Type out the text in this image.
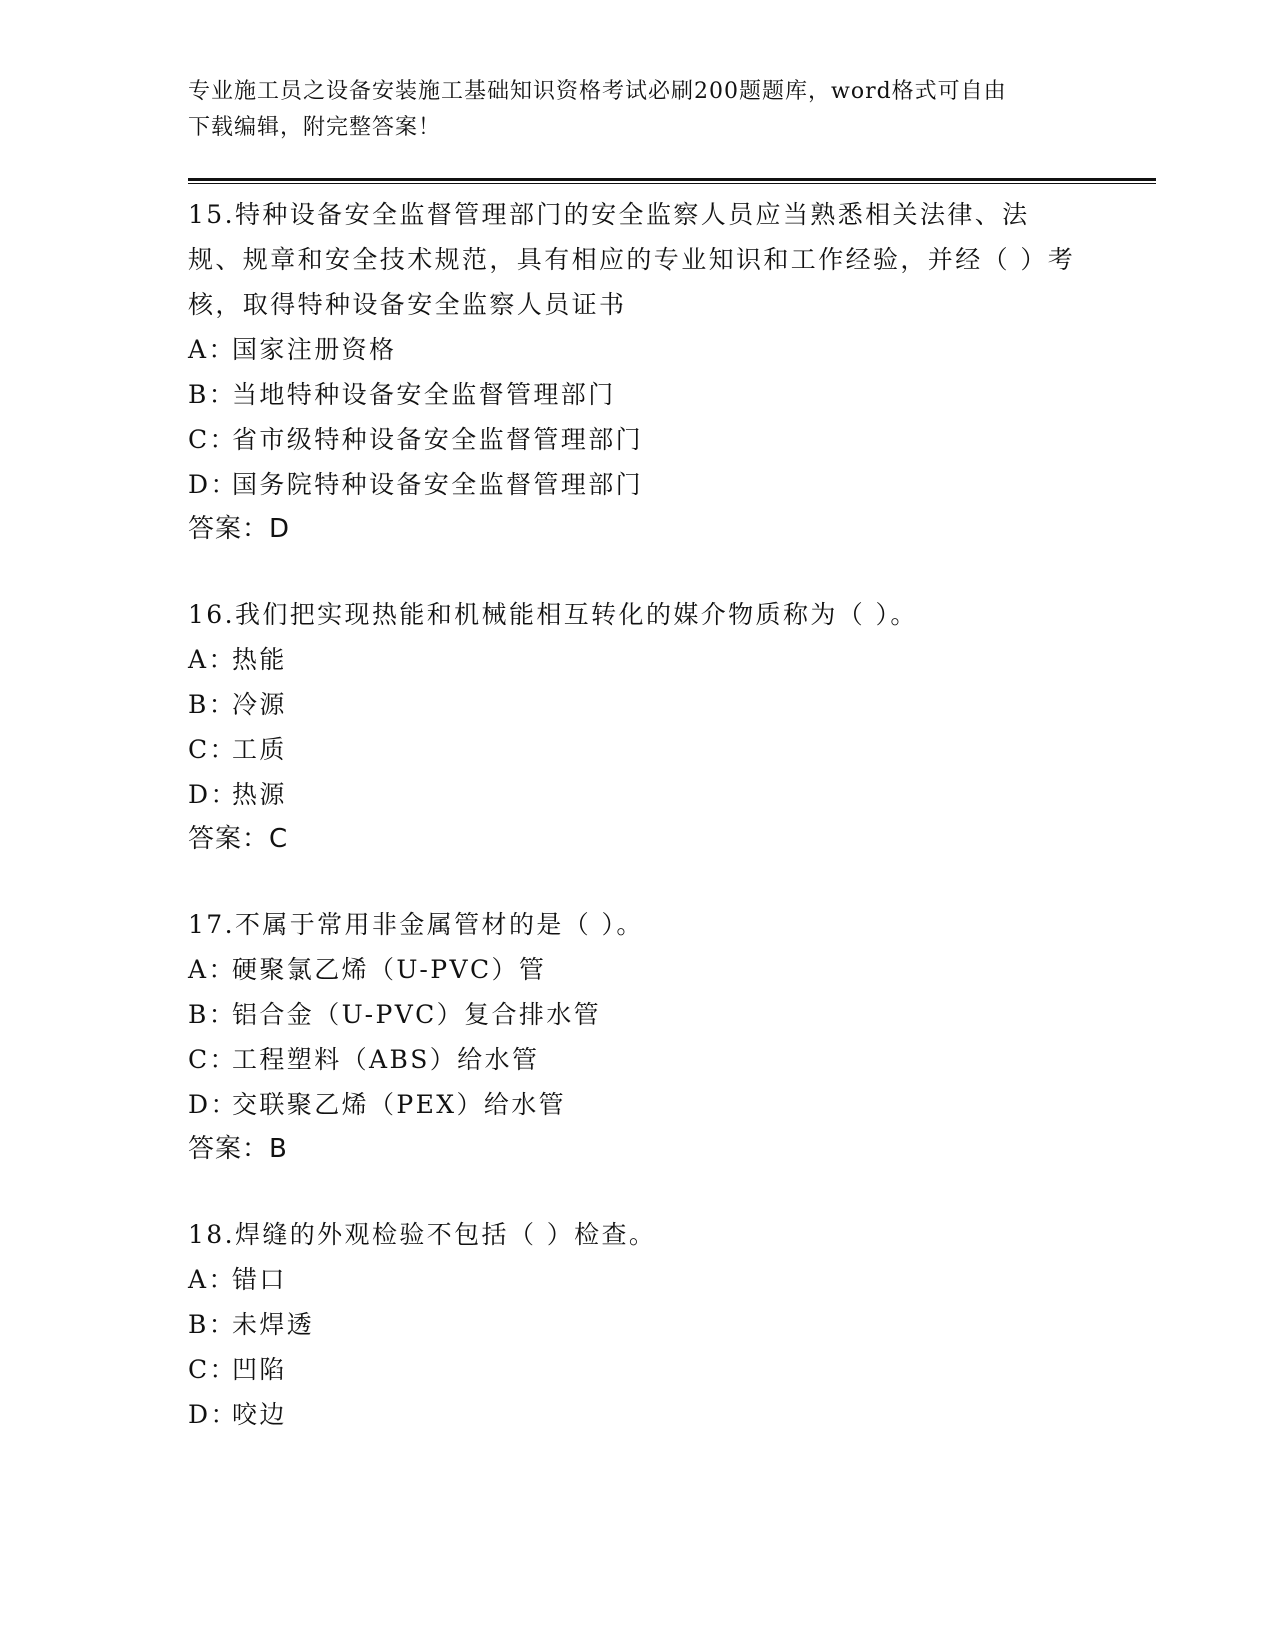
专业施工员之设备安装施工基础知识资格考试必刷200题题库，word格式可自由
下载编辑，附完整答案！
15.特种设备安全监督管理部门的安全监察人员应当熟悉相关法律、法规、规章和安全技术规范，具有相应的专业知识和工作经验，并经（ ）考核，取得特种设备安全监察人员证书
A：国家注册资格
B：当地特种设备安全监督管理部门
C：省市级特种设备安全监督管理部门
D：国务院特种设备安全监督管理部门
答案：D
16.我们把实现热能和机械能相互转化的媒介物质称为（ ）。
A：热能
B：冷源
C：工质
D：热源
答案：C
17.不属于常用非金属管材的是（ ）。
A：硬聚氯乙烯（U-PVC）管
B：铝合金（U-PVC）复合排水管
C：工程塑料（ABS）给水管
D：交联聚乙烯（PEX）给水管
答案：B
18.焊缝的外观检验不包括（ ）检查。
A：错口
B：未焊透
C：凹陷
D：咬边
